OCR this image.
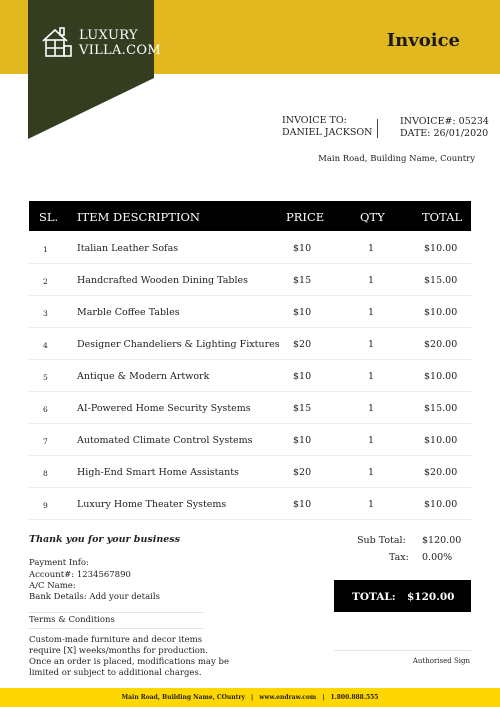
LUXURY
VILLA.COM	Invoice
INVOICE TO:
DANIEL JACKSON
INVOICE#: 05234
DATE: 26/01/2020
Main Road, Building Name, Country
SL. ITEM DESCRIPTION	PRICE	QTY	TOTAL
1	Italian Leather Sofas	$10	1	$10.00
2	Handcrafted Wooden Dining Tables	$15	1	$15.00
3	Marble Coffee Tables	$10	1	$10.00
4	Designer Chandeliers & Lighting Fixtures $20	1	$20.00
5	Antique & Modern Artwork	$10	1	$10.00
6	AI-Powered Home Security Systems	$15	1	$15.00
7	Automated Climate Control Systems	$10	1	$10.00
8	High-End Smart Home Assistants	$20	1	$20.00
9	Luxury Home Theater Systems	$10	1	$10.00
Thank you for your business
Payment Info:
Account#: 1234567890
A/C Name:
Bank Details: Add your details
Terms & Conditions
Custom-made furniture and decor items require [X] weeks/months for production. Once an order is placed, modifications may be limited or subject to additional charges.
Sub Total: $120.00
Tax: 0.00%
TOTAL: $120.00
Authorised Sign
Main Road, Building Name, COuntry | www.endraw.com | 1.800.888.555
